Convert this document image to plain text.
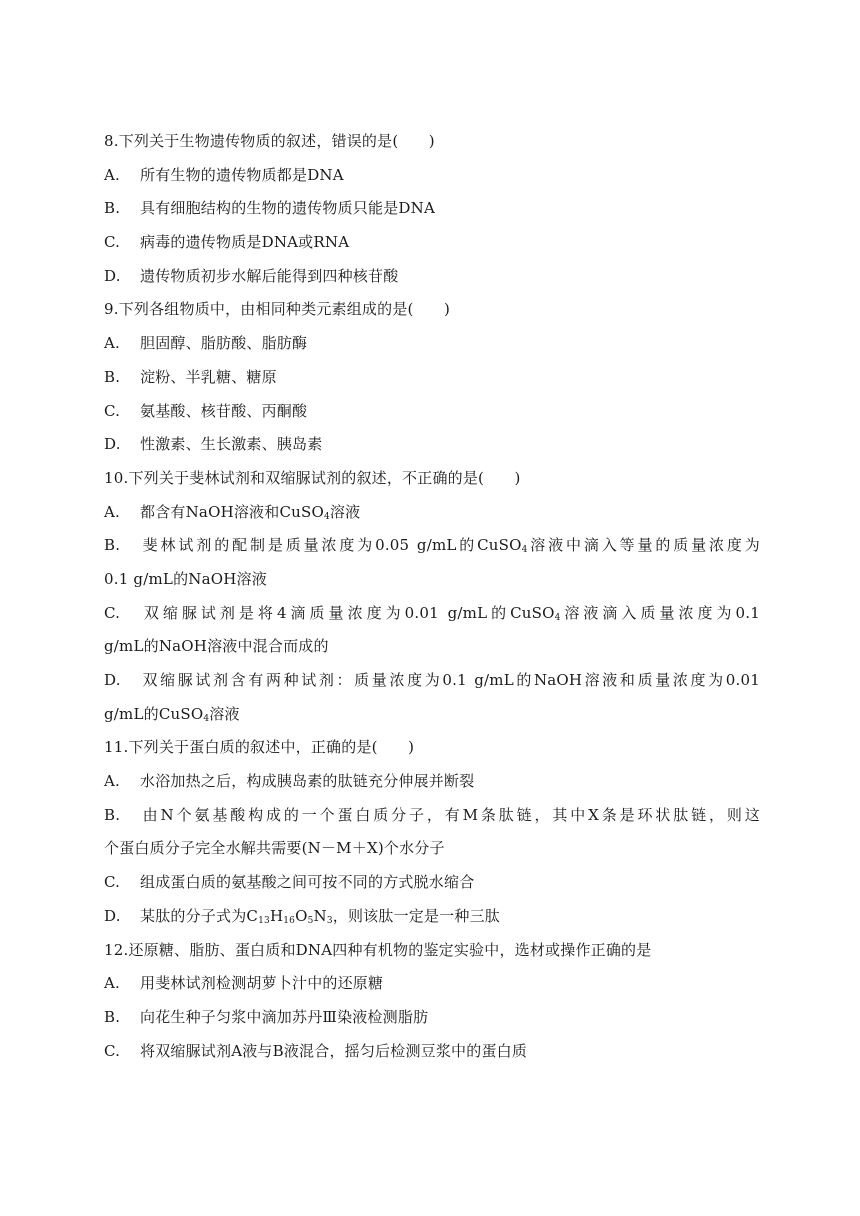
8.下列关于生物遗传物质的叙述，错误的是(　　)
A. 所有生物的遗传物质都是DNA
B. 具有细胞结构的生物的遗传物质只能是DNA
C. 病毒的遗传物质是DNA或RNA
D. 遗传物质初步水解后能得到四种核苷酸
9.下列各组物质中，由相同种类元素组成的是(　　)
A. 胆固醇、脂肪酸、脂肪酶
B. 淀粉、半乳糖、糖原
C. 氨基酸、核苷酸、丙酮酸
D. 性激素、生长激素、胰岛素
10.下列关于斐林试剂和双缩脲试剂的叙述，不正确的是(　　)
A. 都含有NaOH溶液和CuSO$_4$溶液
B. 斐林试剂的配制是质量浓度为0.05 g/mL的CuSO$_4$溶液中滴入等量的质量浓度为
0.1 g/mL的NaOH溶液
C. 双缩脲试剂是将4滴质量浓度为0.01 g/mL的CuSO$_4$溶液滴入质量浓度为0.1
g/mL的NaOH溶液中混合而成的
D. 双缩脲试剂含有两种试剂：质量浓度为0.1 g/mL的NaOH溶液和质量浓度为0.01
g/mL的CuSO$_4$溶液
11.下列关于蛋白质的叙述中，正确的是(　　)
A. 水浴加热之后，构成胰岛素的肽链充分伸展并断裂
B. 由N个氨基酸构成的一个蛋白质分子，有M条肽链，其中X条是环状肽链，则这
个蛋白质分子完全水解共需要(N－M＋X)个水分子
C. 组成蛋白质的氨基酸之间可按不同的方式脱水缩合
D. 某肽的分子式为$C_{13}H_{16}O_5N_3$，则该肽一定是一种三肽
12.还原糖、脂肪、蛋白质和DNA四种有机物的鉴定实验中，选材或操作正确的是
A. 用斐林试剂检测胡萝卜汁中的还原糖
B. 向花生种子匀浆中滴加苏丹Ⅲ染液检测脂肪
C. 将双缩脲试剂A液与B液混合，摇匀后检测豆浆中的蛋白质
